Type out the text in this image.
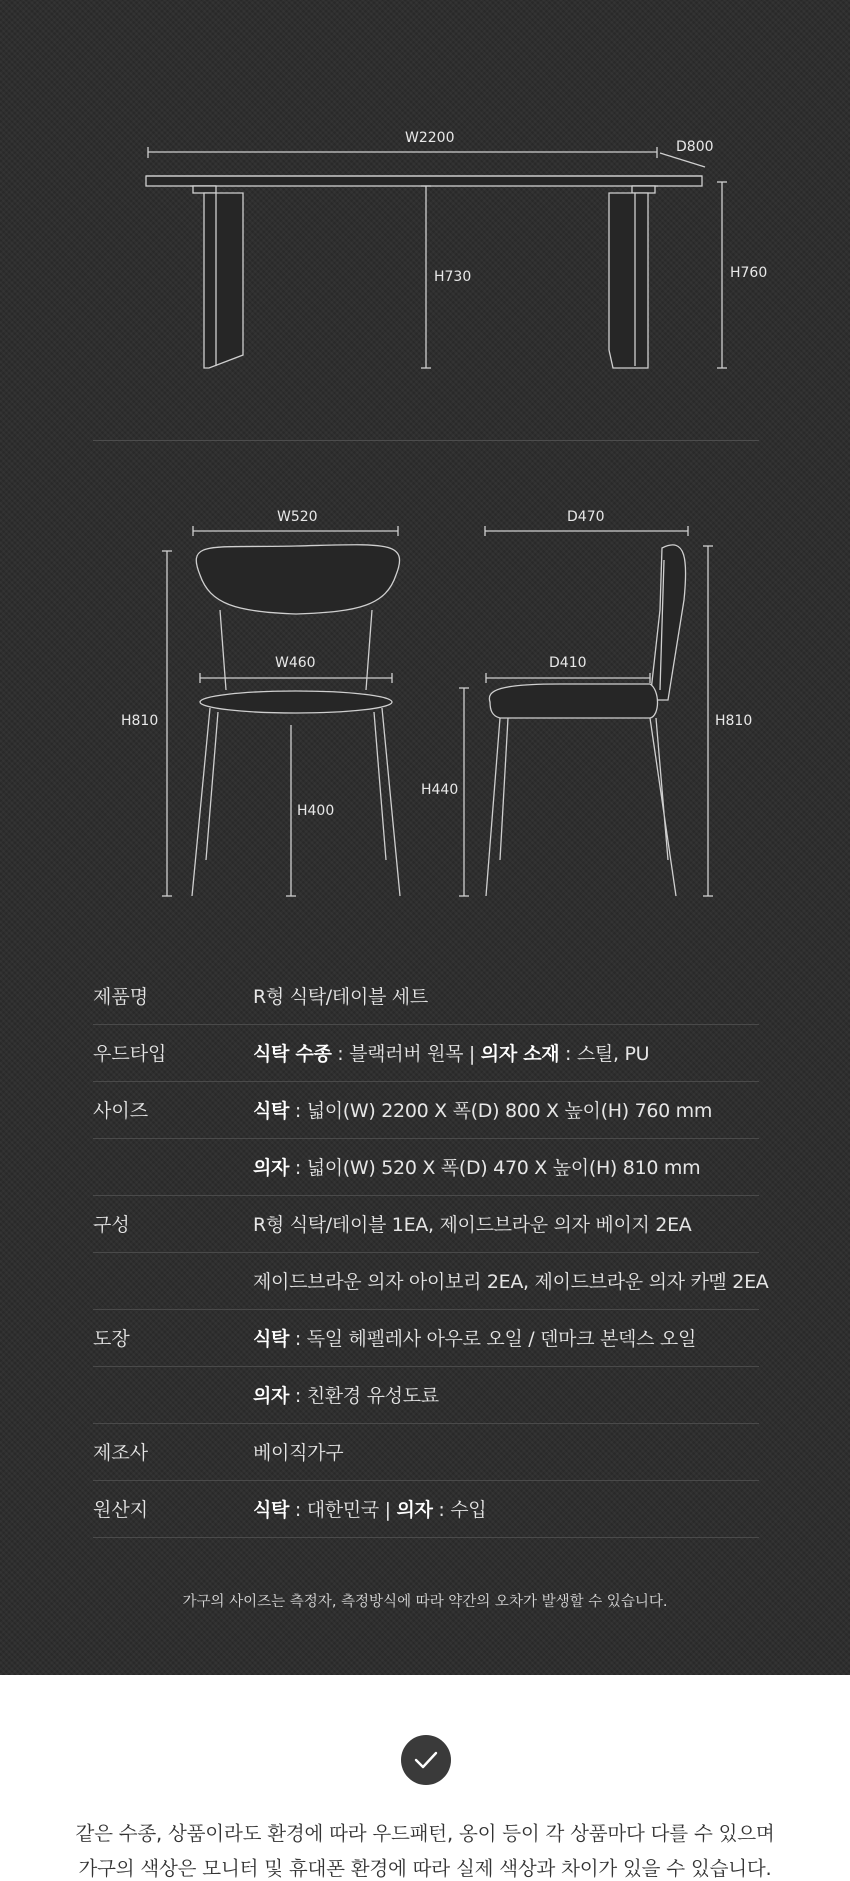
W2200
D800
H730	H760
W520
W460
H810
H400
D470
D410
H440
H810
제품명	R형 식탁/테이블 세트
우드타입	식탁 수종 : 블랙러버 원목 | 의자 소재 : 스틸, PU
사이즈	식탁 : 넓이(W) 2200 X 폭(D) 800 X 높이(H) 760 mm
의자 : 넓이(W) 520 X 폭(D) 470 X 높이(H) 810 mm
구성	R형 식탁/테이블 1EA, 제이드브라운 의자 베이지 2EA
제이드브라운 의자 아이보리 2EA, 제이드브라운 의자 카멜 2EA
도장	식탁 : 독일 헤펠레사 아우로 오일 / 덴마크 본덱스 오일
의자 : 친환경 유성도료
제조사	베이직가구
원산지	식탁 : 대한민국 | 의자 : 수입
가구의 사이즈는 측정자, 측정방식에 따라 약간의 오차가 발생할 수 있습니다.
같은 수종, 상품이라도 환경에 따라 우드패턴, 옹이 등이 각 상품마다 다를 수 있으며
가구의 색상은 모니터 및 휴대폰 환경에 따라 실제 색상과 차이가 있을 수 있습니다.
